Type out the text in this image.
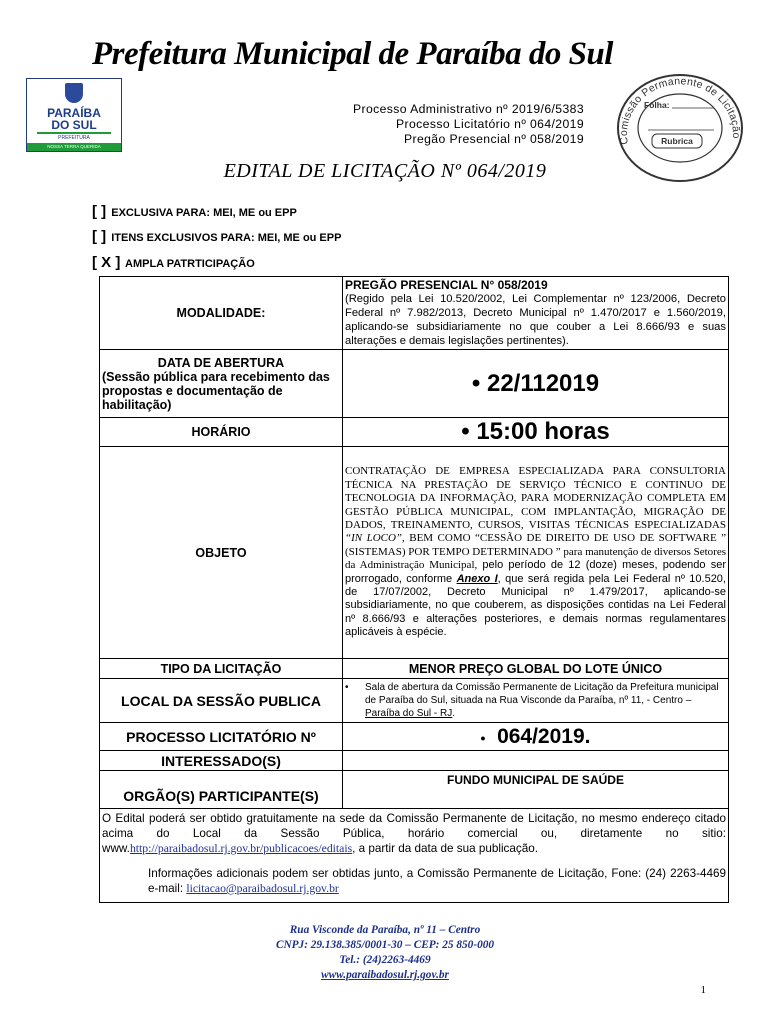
Prefeitura Municipal de Paraíba do Sul
PARAÍBA
DO SUL
PREFEITURA
NOSSA TERRA QUERIDA
Processo Administrativo nº 2019/6/5383
Processo Licitatório nº 064/2019
Pregão Presencial nº 058/2019	Comissão Permanente de Licitação
Fôlha:
Rubrica
EDITAL DE LICITAÇÃO Nº 064/2019
[ ] EXCLUSIVA PARA: MEI, ME ou EPP
[ ] ITENS EXCLUSIVOS PARA: MEI, ME ou EPP
[ X ] AMPLA PATRTICIPAÇÃO
MODALIDADE:	PREGÃO PRESENCIAL N° 058/2019
(Regido pela Lei 10.520/2002, Lei Complementar nº 123/2006, Decreto Federal nº 7.982/2013, Decreto Municipal nº 1.470/2017 e 1.560/2019, aplicando-se subsidiariamente no que couber a Lei 8.666/93 e suas alterações e demais legislações pertinentes).

DATA DE ABERTURA
(Sessão pública para recebimento das propostas e documentação de habilitação)	• 22/112019
HORÁRIO	• 15:00 horas
OBJETO	CONTRATAÇÃO DE EMPRESA ESPECIALIZADA PARA CONSULTORIA TÉCNICA NA PRESTAÇÃO DE SERVIÇO TÉCNICO E CONTINUO DE TECNOLOGIA DA INFORMAÇÃO, PARA MODERNIZAÇÃO COMPLETA EM GESTÃO PÚBLICA MUNICIPAL, COM IMPLANTAÇÃO, MIGRAÇÃO DE DADOS, TREINAMENTO, CURSOS, VISITAS TÉCNICAS ESPECIALIZADAS “IN LOCO”, BEM COMO “CESSÃO DE DIREITO DE USO DE SOFTWARE ” (SISTEMAS) POR TEMPO DETERMINADO ” para manutenção de diversos Setores da Administração Municipal, pelo período de 12 (doze) meses, podendo ser prorrogado, conforme Anexo I, que será regida pela Lei Federal nº 10.520, de 17/07/2002, Decreto Municipal nº 1.479/2017, aplicando-se subsidiariamente, no que couberem, as disposições contidas na Lei Federal nº 8.666/93 e alterações posteriores, e demais normas regulamentares aplicáveis à espécie.
TIPO DA LICITAÇÃO	MENOR PREÇO GLOBAL DO LOTE ÚNICO
LOCAL DA SESSÃO PUBLICA	• Sala de abertura da Comissão Permanente de Licitação da Prefeitura municipal de Paraíba do Sul, situada na Rua Visconde da Paraíba, nº 11, - Centro – Paraíba do Sul - RJ.

PROCESSO LICITATÓRIO Nº	• 064/2019.
INTERESSADO(S)	
ORGÃO(S) PARTICIPANTE(S)	FUNDO MUNICIPAL DE SAÚDE

O Edital poderá ser obtido gratuitamente na sede da Comissão Permanente de Licitação, no mesmo endereço citado acima do Local da Sessão Pública, horário comercial ou, diretamente no sitio: www.http://paraibadosul.rj.gov.br/publicacoes/editais, a partir da data de sua publicação.
Informações adicionais podem ser obtidas junto, a Comissão Permanente de Licitação, Fone: (24) 2263-4469 e-mail: licitacao@paraibadosul.rj.gov.br	
Rua Visconde da Paraíba, nº 11 – Centro
CNPJ: 29.138.385/0001-30 – CEP: 25 850-000
Tel.: (24)2263-4469
www.paraibadosul.rj.gov.br
1
